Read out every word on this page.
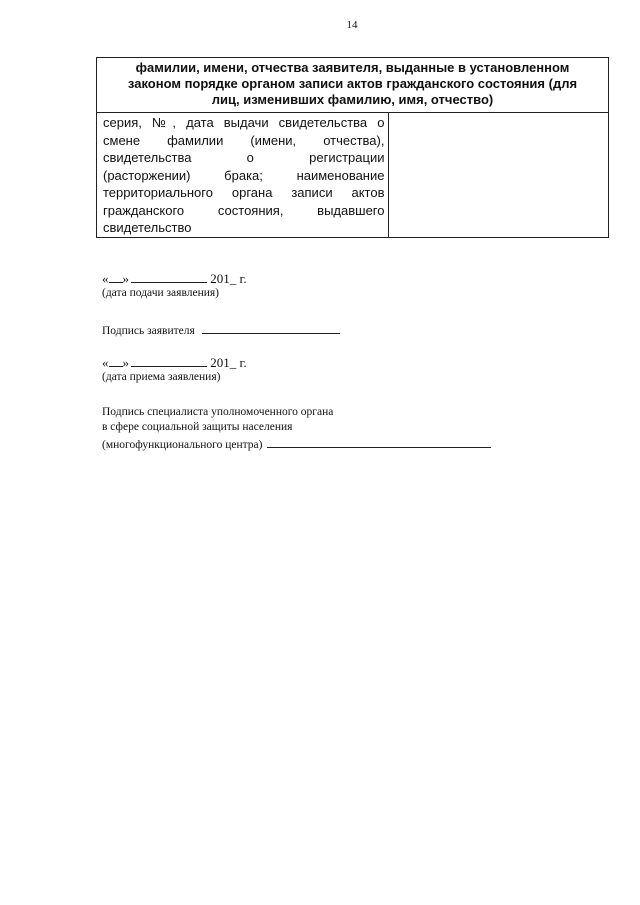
14
фамилии, имени, отчества заявителя, выданные в установленном
законом порядке органом записи актов гражданского состояния (для
лиц, изменивших фамилию, имя, отчество)

серия, №, дата выдачи свидетельства о
смене фамилии (имени, отчества),
свидетельства о регистрации
(расторжении) брака; наименование
территориального органа записи актов
гражданского состояния, выдавшего
свидетельство

« »	201_ г.
(дата подачи заявления)
Подпись заявителя
« »	201_ г.
(дата приема заявления)
Подпись специалиста уполномоченного органа
в сфере социальной защиты населения
(многофункционального центра)
